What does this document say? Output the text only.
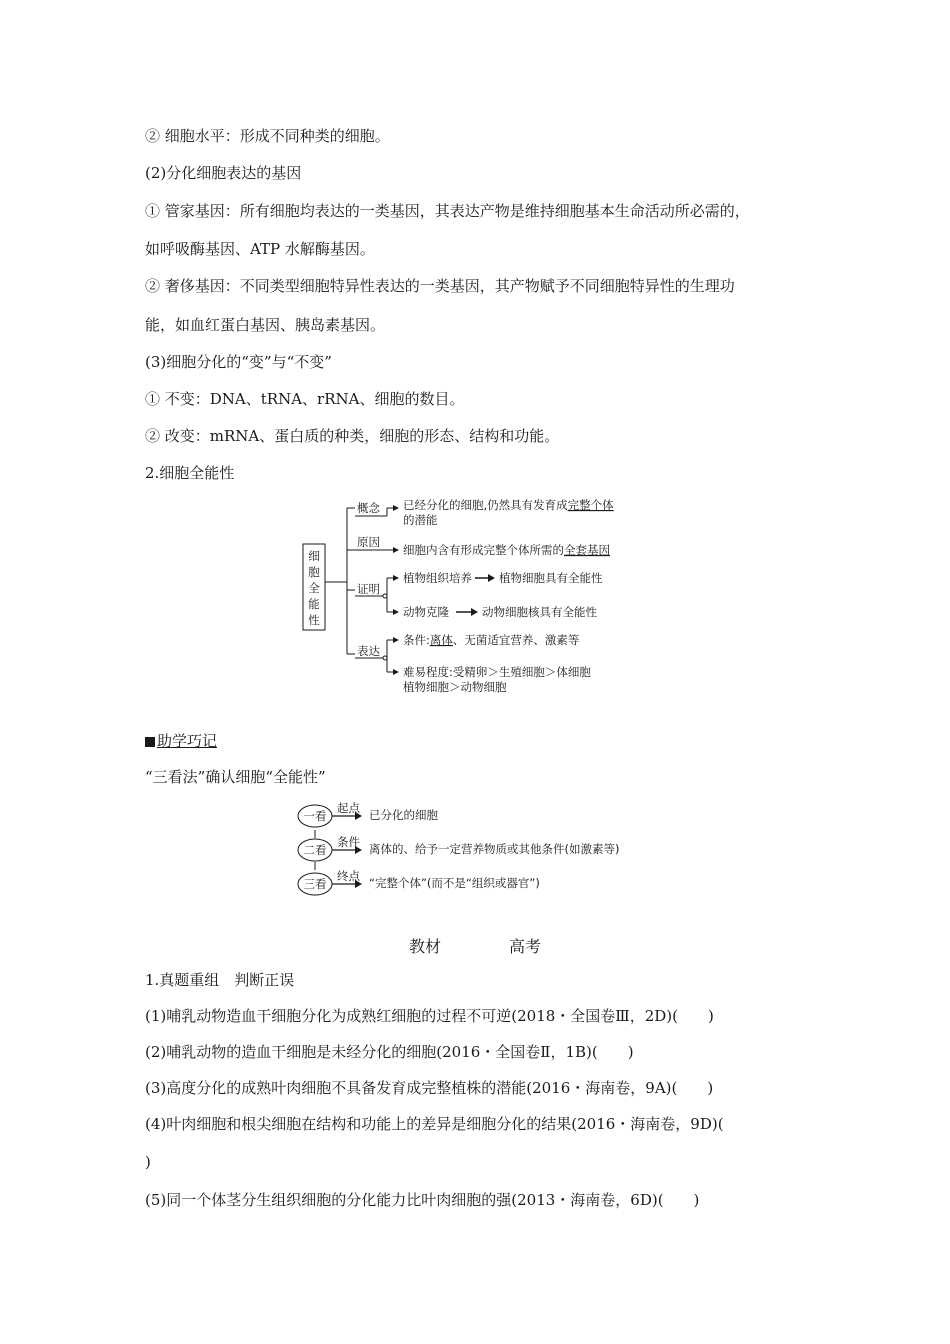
② 细胞水平：形成不同种类的细胞。
(2)分化细胞表达的基因
① 管家基因：所有细胞均表达的一类基因，其表达产物是维持细胞基本生命活动所必需的，
如呼吸酶基因、ATP 水解酶基因。
② 奢侈基因：不同类型细胞特异性表达的一类基因，其产物赋予不同细胞特异性的生理功
能，如血红蛋白基因、胰岛素基因。
(3)细胞分化的“变”与“不变”
① 不变：DNA、tRNA、rRNA、细胞的数目。
② 改变：mRNA、蛋白质的种类，细胞的形态、结构和功能。
2.细胞全能性
细
胞
全
能
性
概念 已经分化的细胞,仍然具有发育成完整个体
的潜能
原因
细胞内含有形成完整个体所需的全套基因
证明
植物组织培养 植物细胞具有全能性
动物克隆	动物细胞核具有全能性
表达
条件:离体、无菌适宜营养、激素等
难易程度:受精卵＞生殖细胞＞体细胞
植物细胞＞动物细胞
助学巧记
“三看法”确认细胞“全能性”
一看
起点 已分化的细胞
二看
条件 离体的、给予一定营养物质或其他条件(如激素等)
三看
终点 “完整个体”(而不是“组织或器官”)
教材	高考
1.真题重组　判断正误
(1)哺乳动物造血干细胞分化为成熟红细胞的过程不可逆(2018・全国卷Ⅲ，2D)(　　)
(2)哺乳动物的造血干细胞是未经分化的细胞(2016・全国卷Ⅱ，1B)(　　)
(3)高度分化的成熟叶肉细胞不具备发育成完整植株的潜能(2016・海南卷，9A)(　　)
(4)叶肉细胞和根尖细胞在结构和功能上的差异是细胞分化的结果(2016・海南卷，9D)(
)
(5)同一个体茎分生组织细胞的分化能力比叶肉细胞的强(2013・海南卷，6D)(　　)
